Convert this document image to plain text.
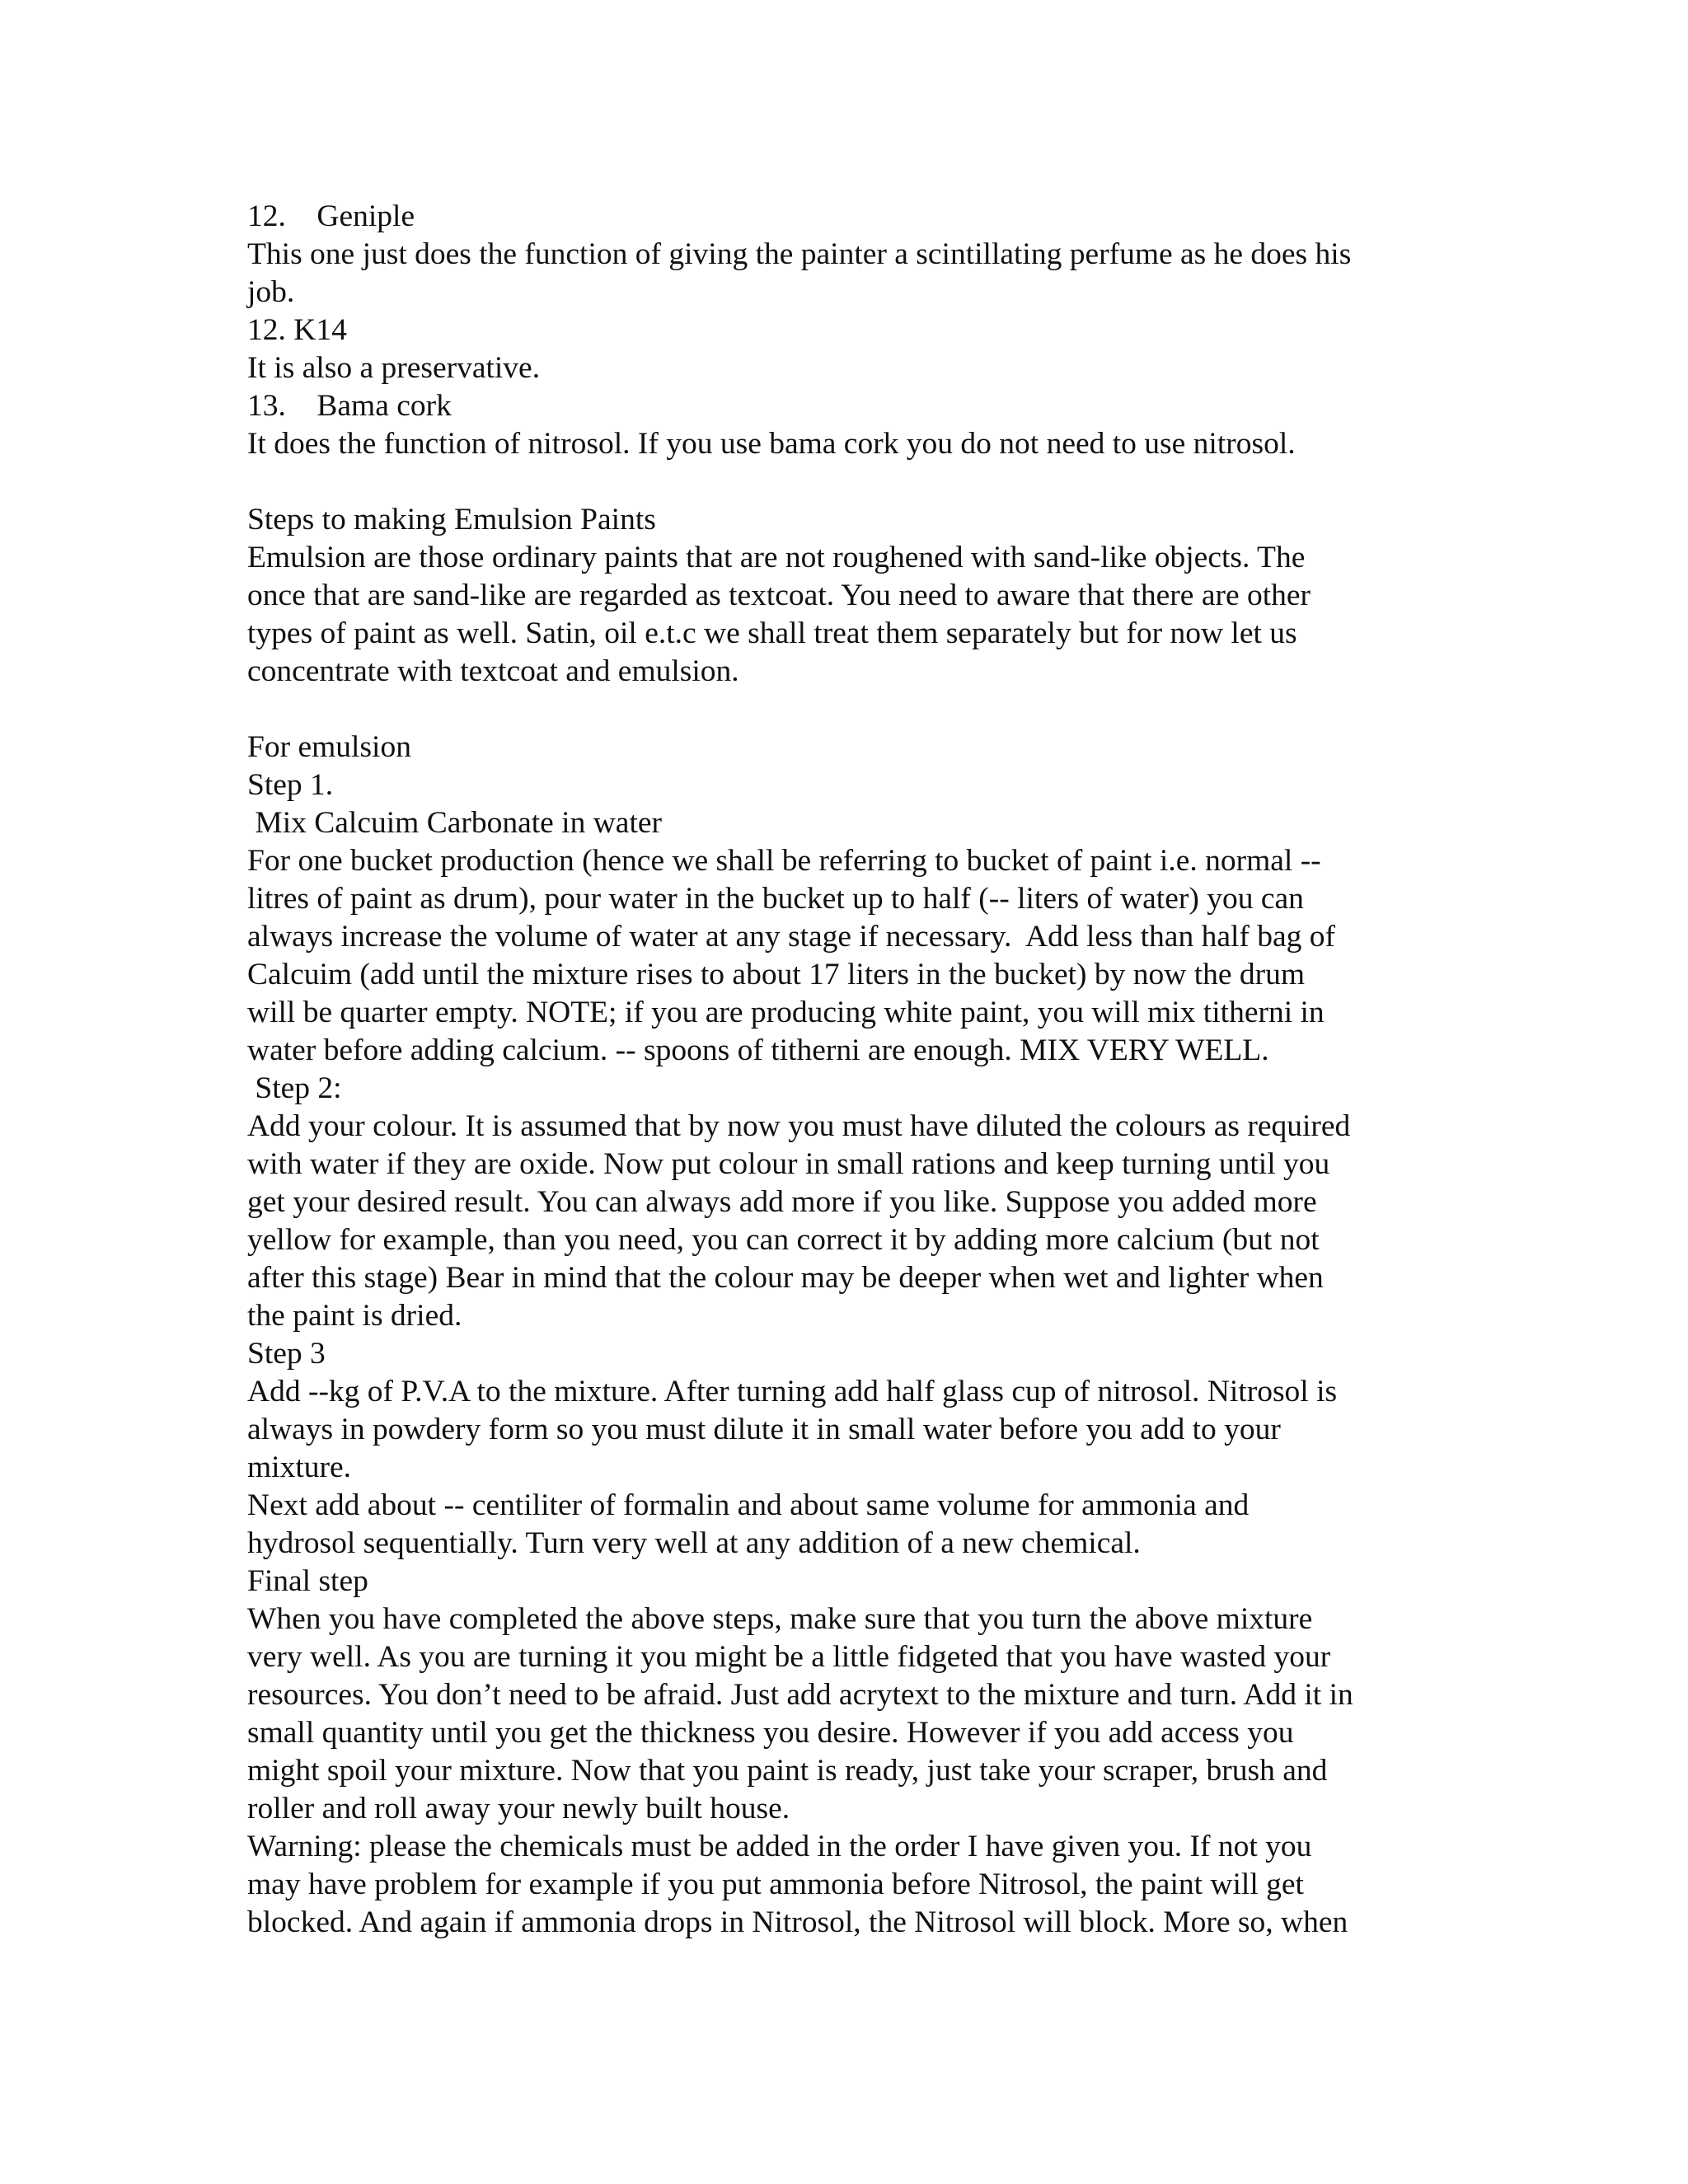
12.    Geniple
This one just does the function of giving the painter a scintillating perfume as he does his
job.
12. K14
It is also a preservative.
13.    Bama cork
It does the function of nitrosol. If you use bama cork you do not need to use nitrosol.
Steps to making Emulsion Paints
Emulsion are those ordinary paints that are not roughened with sand-like objects. The
once that are sand-like are regarded as textcoat. You need to aware that there are other
types of paint as well. Satin, oil e.t.c we shall treat them separately but for now let us
concentrate with textcoat and emulsion.
For emulsion
Step 1.
Mix Calcuim Carbonate in water
For one bucket production (hence we shall be referring to bucket of paint i.e. normal --
litres of paint as drum), pour water in the bucket up to half (-- liters of water) you can
always increase the volume of water at any stage if necessary.  Add less than half bag of
Calcuim (add until the mixture rises to about 17 liters in the bucket) by now the drum
will be quarter empty. NOTE; if you are producing white paint, you will mix titherni in
water before adding calcium. -- spoons of titherni are enough. MIX VERY WELL.
Step 2:
Add your colour. It is assumed that by now you must have diluted the colours as required
with water if they are oxide. Now put colour in small rations and keep turning until you
get your desired result. You can always add more if you like. Suppose you added more
yellow for example, than you need, you can correct it by adding more calcium (but not
after this stage) Bear in mind that the colour may be deeper when wet and lighter when
the paint is dried.
Step 3
Add --kg of P.V.A to the mixture. After turning add half glass cup of nitrosol. Nitrosol is
always in powdery form so you must dilute it in small water before you add to your
mixture.
Next add about -- centiliter of formalin and about same volume for ammonia and
hydrosol sequentially. Turn very well at any addition of a new chemical.
Final step
When you have completed the above steps, make sure that you turn the above mixture
very well. As you are turning it you might be a little fidgeted that you have wasted your
resources. You don’t need to be afraid. Just add acrytext to the mixture and turn. Add it in
small quantity until you get the thickness you desire. However if you add access you
might spoil your mixture. Now that you paint is ready, just take your scraper, brush and
roller and roll away your newly built house.
Warning: please the chemicals must be added in the order I have given you. If not you
may have problem for example if you put ammonia before Nitrosol, the paint will get
blocked. And again if ammonia drops in Nitrosol, the Nitrosol will block. More so, when
